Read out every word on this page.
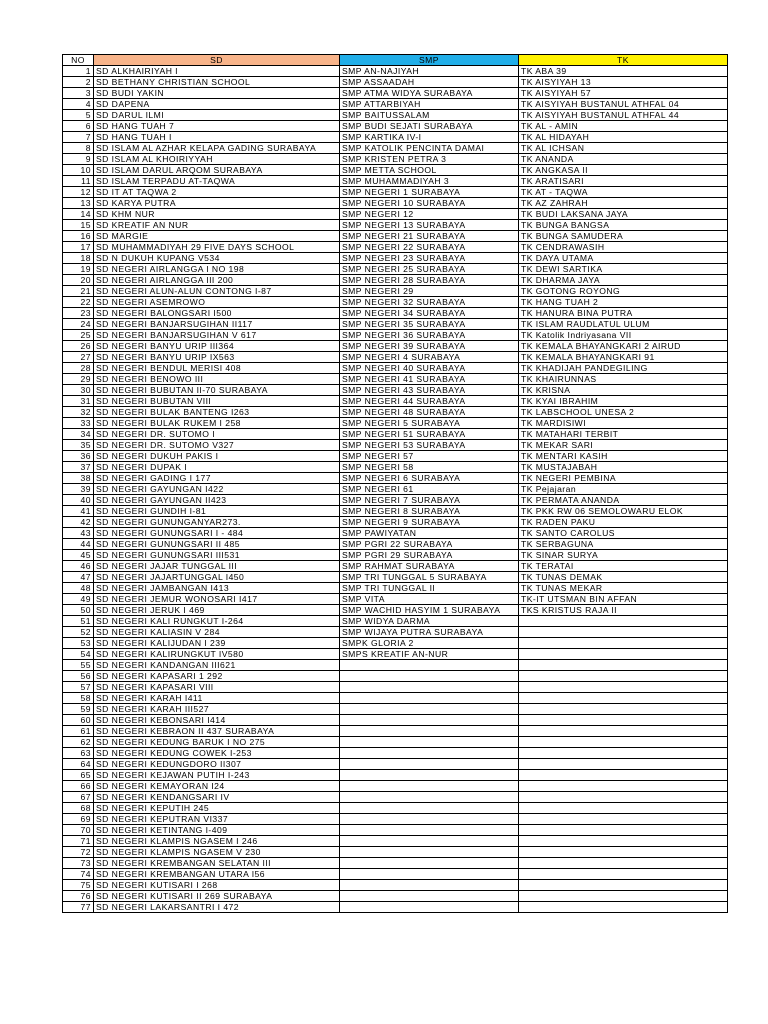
NO	SD	SMP	TK
1	SD ALKHAIRIYAH I	SMP AN-NAJIYAH	TK ABA 39
2	SD BETHANY CHRISTIAN SCHOOL	SMP ASSAADAH	TK AISYIYAH 13
3	SD BUDI YAKIN	SMP ATMA WIDYA SURABAYA	TK AISYIYAH 57
4	SD DAPENA	SMP ATTARBIYAH	TK AISYIYAH BUSTANUL ATHFAL 04
5	SD DARUL ILMI	SMP BAITUSSALAM	TK AISYIYAH BUSTANUL ATHFAL 44
6	SD HANG TUAH 7	SMP BUDI SEJATI SURABAYA	TK AL - AMIN
7	SD HANG TUAH I	SMP KARTIKA IV-I	TK AL HIDAYAH
8	SD ISLAM AL AZHAR KELAPA GADING SURABAYA	SMP KATOLIK PENCINTA DAMAI	TK AL ICHSAN
9	SD ISLAM AL KHOIRIYYAH	SMP KRISTEN PETRA 3	TK ANANDA
10	SD ISLAM DARUL ARQOM SURABAYA	SMP METTA SCHOOL	TK ANGKASA II
11	SD ISLAM TERPADU AT-TAQWA	SMP MUHAMMADIYAH 3	TK ARATISARI
12	SD IT AT TAQWA 2	SMP NEGERI 1 SURABAYA	TK AT - TAQWA
13	SD KARYA PUTRA	SMP NEGERI 10 SURABAYA	TK AZ ZAHRAH
14	SD KHM NUR	SMP NEGERI 12	TK BUDI LAKSANA JAYA
15	SD KREATIF AN NUR	SMP NEGERI 13 SURABAYA	TK BUNGA BANGSA
16	SD MARGIE	SMP NEGERI 21 SURABAYA	TK BUNGA SAMUDERA
17	SD MUHAMMADIYAH 29 FIVE DAYS SCHOOL	SMP NEGERI 22 SURABAYA	TK CENDRAWASIH
18	SD N DUKUH KUPANG V534	SMP NEGERI 23 SURABAYA	TK DAYA UTAMA
19	SD NEGERI AIRLANGGA I NO 198	SMP NEGERI 25 SURABAYA	TK DEWI SARTIKA
20	SD NEGERI AIRLANGGA III 200	SMP NEGERI 28 SURABAYA	TK DHARMA JAYA
21	SD NEGERI ALUN-ALUN CONTONG I-87	SMP NEGERI 29	TK GOTONG ROYONG
22	SD NEGERI ASEMROWO	SMP NEGERI 32 SURABAYA	TK HANG TUAH 2
23	SD NEGERI BALONGSARI I500	SMP NEGERI 34 SURABAYA	TK HANURA BINA PUTRA
24	SD NEGERI BANJARSUGIHAN II117	SMP NEGERI 35 SURABAYA	TK ISLAM RAUDLATUL ULUM
25	SD NEGERI BANJARSUGIHAN V 617	SMP NEGERI 36 SURABAYA	TK Katolik Indriyasana VII
26	SD NEGERI BANYU URIP III364	SMP NEGERI 39 SURABAYA	TK KEMALA BHAYANGKARI 2 AIRUD
27	SD NEGERI BANYU URIP IX563	SMP NEGERI 4 SURABAYA	TK KEMALA BHAYANGKARI 91
28	SD NEGERI BENDUL MERISI 408	SMP NEGERI 40 SURABAYA	TK KHADIJAH PANDEGILING
29	SD NEGERI BENOWO III	SMP NEGERI 41 SURABAYA	TK KHAIRUNNAS
30	SD NEGERI BUBUTAN II-70 SURABAYA	SMP NEGERI 43 SURABAYA	TK KRISNA
31	SD NEGERI BUBUTAN VIII	SMP NEGERI 44 SURABAYA	TK KYAI IBRAHIM
32	SD NEGERI BULAK BANTENG I263	SMP NEGERI 48 SURABAYA	TK LABSCHOOL UNESA 2
33	SD NEGERI BULAK RUKEM I 258	SMP NEGERI 5 SURABAYA	TK MARDISIWI
34	SD NEGERI DR. SUTOMO I	SMP NEGERI 51 SURABAYA	TK MATAHARI TERBIT
35	SD NEGERI DR. SUTOMO V327	SMP NEGERI 53 SURABAYA	TK MEKAR SARI
36	SD NEGERI DUKUH PAKIS I	SMP NEGERI 57	TK MENTARI KASIH
37	SD NEGERI DUPAK I	SMP NEGERI 58	TK MUSTAJABAH
38	SD NEGERI GADING I 177	SMP NEGERI 6 SURABAYA	TK NEGERI PEMBINA
39	SD NEGERI GAYUNGAN I422	SMP NEGERI 61	TK Pejajaran
40	SD NEGERI GAYUNGAN II423	SMP NEGERI 7 SURABAYA	TK PERMATA ANANDA
41	SD NEGERI GUNDIH I-81	SMP NEGERI 8 SURABAYA	TK PKK RW 06 SEMOLOWARU ELOK
42	SD NEGERI GUNUNGANYAR273.	SMP NEGERI 9 SURABAYA	TK RADEN PAKU
43	SD NEGERI GUNUNGSARI I - 484	SMP PAWIYATAN	TK SANTO CAROLUS
44	SD NEGERI GUNUNGSARI II 485	SMP PGRI 22 SURABAYA	TK SERBAGUNA
45	SD NEGERI GUNUNGSARI III531	SMP PGRI 29 SURABAYA	TK SINAR SURYA
46	SD NEGERI JAJAR TUNGGAL III	SMP RAHMAT SURABAYA	TK TERATAI
47	SD NEGERI JAJARTUNGGAL I450	SMP TRI TUNGGAL 5 SURABAYA	TK TUNAS DEMAK
48	SD NEGERI JAMBANGAN I413	SMP TRI TUNGGAL II	TK TUNAS MEKAR
49	SD NEGERI JEMUR WONOSARI I417	SMP VITA	TK-IT UTSMAN BIN AFFAN
50	SD NEGERI JERUK I 469	SMP WACHID HASYIM 1 SURABAYA	TKS KRISTUS RAJA II
51	SD NEGERI KALI RUNGKUT I-264	SMP WIDYA DARMA	
52	SD NEGERI KALIASIN V 284	SMP WIJAYA PUTRA SURABAYA	
53	SD NEGERI KALIJUDAN I 239	SMPK GLORIA 2	
54	SD NEGERI KALIRUNGKUT IV580	SMPS KREATIF AN-NUR	
55	SD NEGERI KANDANGAN III621		
56	SD NEGERI KAPASARI 1 292		
57	SD NEGERI KAPASARI VIII		
58	SD NEGERI KARAH I411		
59	SD NEGERI KARAH III527		
60	SD NEGERI KEBONSARI I414		
61	SD NEGERI KEBRAON II 437 SURABAYA		
62	SD NEGERI KEDUNG BARUK I NO 275		
63	SD NEGERI KEDUNG COWEK I-253		
64	SD NEGERI KEDUNGDORO II307		
65	SD NEGERI KEJAWAN PUTIH I-243		
66	SD NEGERI KEMAYORAN I24		
67	SD NEGERI KENDANGSARI IV		
68	SD NEGERI KEPUTIH 245		
69	SD NEGERI KEPUTRAN VI337		
70	SD NEGERI KETINTANG I-409		
71	SD NEGERI KLAMPIS NGASEM I 246		
72	SD NEGERI KLAMPIS NGASEM V 230		
73	SD NEGERI KREMBANGAN SELATAN III		
74	SD NEGERI KREMBANGAN UTARA I56		
75	SD NEGERI KUTISARI I 268		
76	SD NEGERI KUTISARI II 269 SURABAYA		
77	SD NEGERI LAKARSANTRI I 472		
